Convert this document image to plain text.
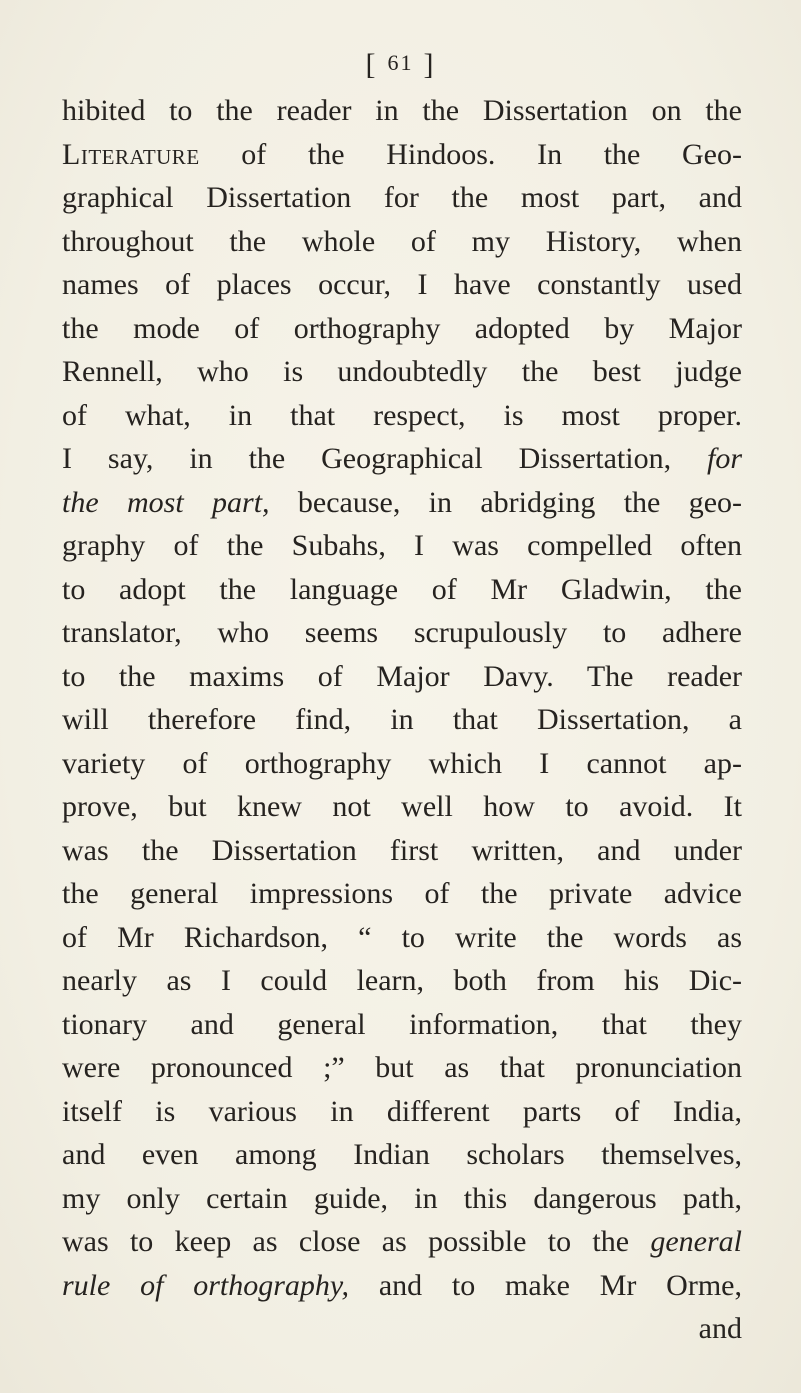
[ 61 ]
hibited to the reader in the Dissertation on the
Literature of the Hindoos. In the Geo-
graphical Dissertation for the most part, and
throughout the whole of my History, when
names of places occur, I have constantly used
the mode of orthography adopted by Major
Rennell, who is undoubtedly the best judge
of what, in that respect, is most proper.
I say, in the Geographical Dissertation, for
the most part, because, in abridging the geo-
graphy of the Subahs, I was compelled often
to adopt the language of Mr Gladwin, the
translator, who seems scrupulously to adhere
to the maxims of Major Davy. The reader
will therefore find, in that Dissertation, a
variety of orthography which I cannot ap-
prove, but knew not well how to avoid. It
was the Dissertation first written, and under
the general impressions of the private advice
of Mr Richardson, “ to write the words as
nearly as I could learn, both from his Dic-
tionary and general information, that they
were pronounced ;” but as that pronunciation
itself is various in different parts of India,
and even among Indian scholars themselves,
my only certain guide, in this dangerous path,
was to keep as close as possible to the general
rule of orthography, and to make Mr Orme,
and
